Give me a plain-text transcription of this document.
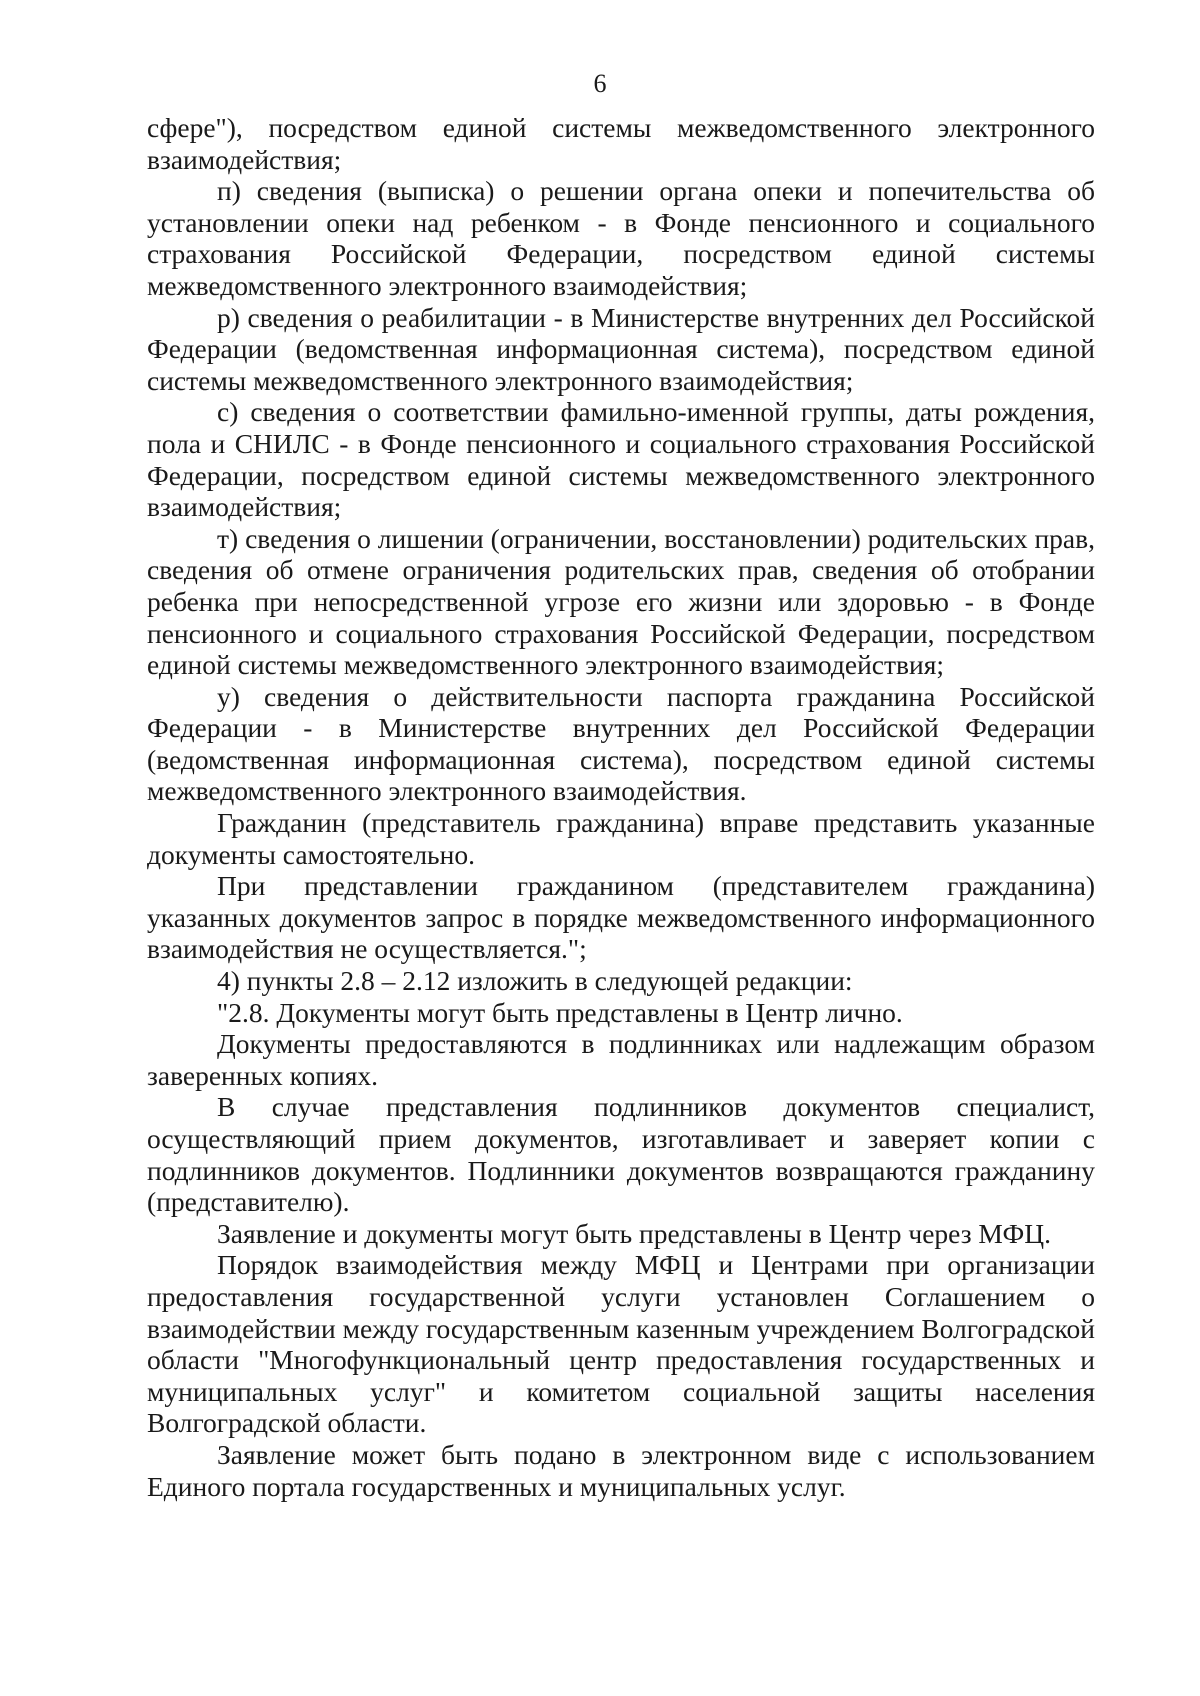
6

сфере"), посредством единой системы межведомственного электронного взаимодействия;

п) сведения (выписка) о решении органа опеки и попечительства об установлении опеки над ребенком - в Фонде пенсионного и социального страхования Российской Федерации, посредством единой системы межведомственного электронного взаимодействия;

р) сведения о реабилитации - в Министерстве внутренних дел Российской Федерации (ведомственная информационная система), посредством единой системы межведомственного электронного взаимодействия;

с) сведения о соответствии фамильно-именной группы, даты рождения, пола и СНИЛС - в Фонде пенсионного и социального страхования Российской Федерации, посредством единой системы межведомственного электронного взаимодействия;

т) сведения о лишении (ограничении, восстановлении) родительских прав, сведения об отмене ограничения родительских прав, сведения об отобрании ребенка при непосредственной угрозе его жизни или здоровью - в Фонде пенсионного и социального страхования Российской Федерации, посредством единой системы межведомственного электронного взаимодействия;

у) сведения о действительности паспорта гражданина Российской Федерации - в Министерстве внутренних дел Российской Федерации (ведомственная информационная система), посредством единой системы межведомственного электронного взаимодействия.

Гражданин (представитель гражданина) вправе представить указанные документы самостоятельно.

При представлении гражданином (представителем гражданина) указанных документов запрос в порядке межведомственного информационного взаимодействия не осуществляется.";

4) пункты 2.8 – 2.12 изложить в следующей редакции:

"2.8. Документы могут быть представлены в Центр лично.

Документы предоставляются в подлинниках или надлежащим образом заверенных копиях.

В случае представления подлинников документов специалист, осуществляющий прием документов, изготавливает и заверяет копии с подлинников документов. Подлинники документов возвращаются гражданину (представителю).

Заявление и документы могут быть представлены в Центр через МФЦ.

Порядок взаимодействия между МФЦ и Центрами при организации предоставления государственной услуги установлен Соглашением о взаимодействии между государственным казенным учреждением Волгоградской области "Многофункциональный центр предоставления государственных и муниципальных услуг" и комитетом социальной защиты населения Волгоградской области.

Заявление может быть подано в электронном виде с использованием Единого портала государственных и муниципальных услуг.
